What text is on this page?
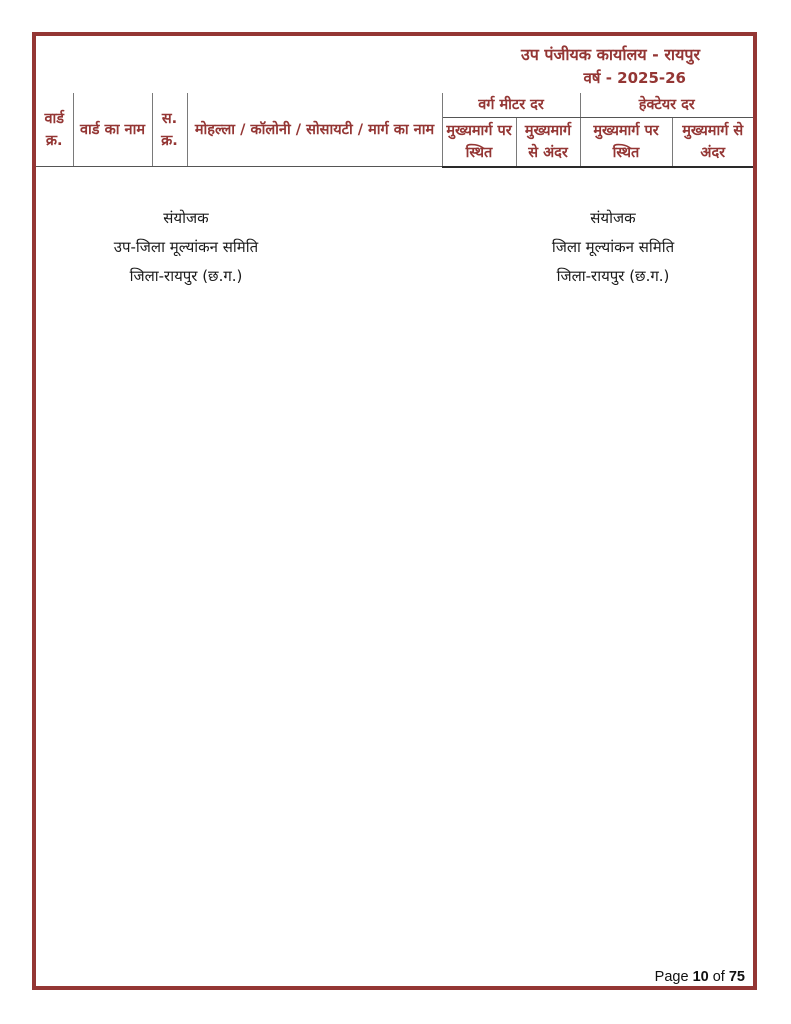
उप पंजीयक कार्यालय - रायपुर
वर्ष - 2025-26
वार्ड क्र.	वार्ड का नाम	स. क्र.	मोहल्ला / कॉलोनी / सोसायटी / मार्ग का नाम	वर्ग मीटर दर		हेक्टेयर दर	
				मुख्यमार्ग पर स्थित	मुख्यमार्ग से अंदर	मुख्यमार्ग पर स्थित	मुख्यमार्ग से अंदर
संयोजक
उप-जिला मूल्यांकन समिति
जिला-रायपुर (छ.ग.)
संयोजक
जिला मूल्यांकन समिति
जिला-रायपुर (छ.ग.)
Page 10 of 75
